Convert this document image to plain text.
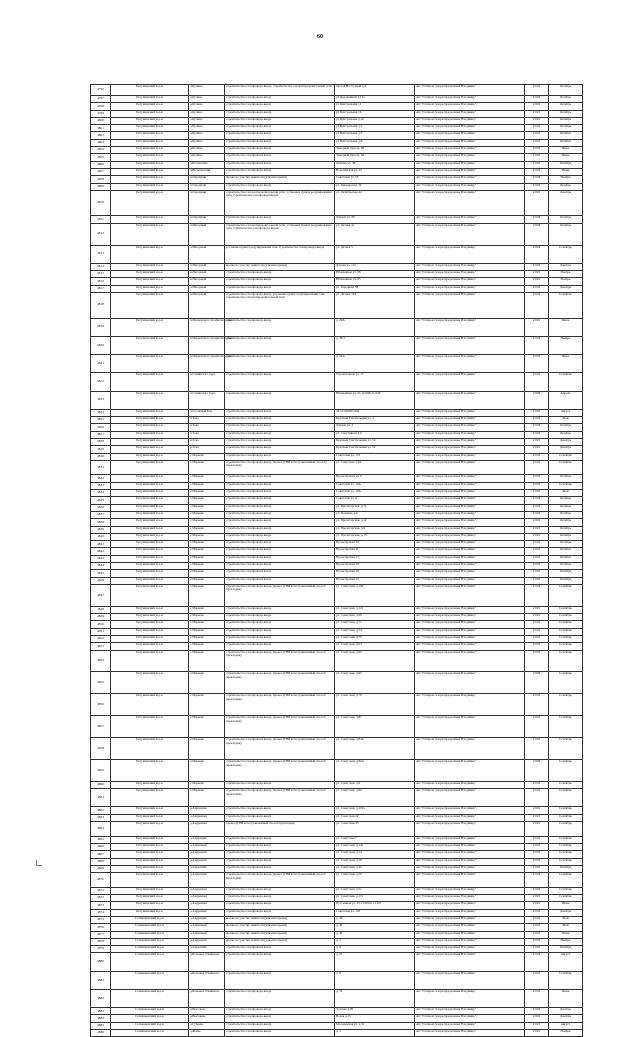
60
4796	Петушинский м.р-н	д.Кучино	строительство газопровода-ввода, строительство газораспределительной сети	проезд Восточный д.9	АО "Газпром газораспределение Владимир"	2 022	Октябрь
4797	Петушинский м.р-н	д.Кучино	строительство газопровода-ввода	ул.Дорожников д.11а	АО "Газпром газораспределение Владимир"	2 022	Октябрь
4798	Петушинский м.р-н	д.Кучино	строительство газопровода-ввода	ул.Центральная 11	АО "Газпром газораспределение Владимир"	2 022	Октябрь
4799	Петушинский м.р-н	д.Кучино	строительство газопровода-ввода	ул.Центральная 16	АО "Газпром газораспределение Владимир"	2 022	Октябрь
4800	Петушинский м.р-н	д.Кучино	строительство газопровода-ввода	ул.Центральная д.16	АО "Газпром газораспределение Владимир"	2 022	Октябрь
4801	Петушинский м.р-н	д.Кучино	строительство газопровода-ввода	ул.Центральная д.1	АО "Газпром газораспределение Владимир"	2 022	Октябрь
4802	Петушинский м.р-н	д.Кучино	строительство газопровода-ввода	ул.Центральная д.5	АО "Газпром газораспределение Владимир"	2 022	Октябрь
4803	Петушинский м.р-н	д.Кучино	строительство газопровода-ввода	ул.Центральная д.9	АО "Газпром газораспределение Владимир"	2 022	Октябрь
4804	Петушинский м.р-н	д.Кучино	строительство газопровода-ввода	Западный проезд, 48	АО "Газпром газораспределение Владимир"	2 022	Июнь
4805	Петушинский м.р-н	д.Кучино	строительство газопровода-ввода	Западный проезд, 48	АО "Газпром газораспределение Владимир"	2 022	Июнь
4806	Петушинский м.р-н	д.Богдановка	строительство газопровода-ввода	Зеленая ул. 48	АО "Газпром газораспределение Владимир"	2 022	Октябрь
4807	Петушинский м.р-н	д.Вольгинский	строительство газопровода-ввода	Вольгинская ул. 12	АО "Газпром газораспределение Владимир"	2 022	Июнь
4808	Петушинский м.р-н	п.Городищи	врезка на участке заявителя (уличная врезка)	Советская ул. 55	АО "Газпром газораспределение Владимир"	2 022	Ноябрь
4809	Петушинский м.р-н	п.Городищи	строительство газопровода-ввода	ул. Пионерская, 26	АО "Газпром газораспределение Владимир"	2 022	Октябрь
4810	Петушинский м.р-н	п.Городищи	строительство газораспределительной сети, установка пункта редуцирования газа, строительство газопровода-ввода	ул. Октябрьская 42	АО "Газпром газораспределение Владимир"	2 022	Декабрь
4811	Петушинский м.р-н	п.Городищи	строительство газопровода-ввода	Ленина ул. 80	АО "Газпром газораспределение Владимир"	2 022	Октябрь
4812	Петушинский м.р-н	п.Нагорный	строительство газораспределительной сети, установка пункта редуцирования газа, строительство газопровода-ввода	ул. Дачная 41	АО "Газпром газораспределение Владимир"	2 024	Октябрь
4813	Петушинский м.р-н	п.Нагорный	установка пункта редуцирования газа, строительство газопровода-ввода	ул. Дачная 5	АО "Газпром газораспределение Владимир"	2 024	Сентябрь
4814	Петушинский м.р-н	п.Нагорный	врезка на участке заявителя (уличная врезка)	Дачная ул. 115	АО "Газпром газораспределение Владимир"	2 024	Декабрь
4815	Петушинский м.р-н	п.Нагорный	строительство газопровода-ввода	Юбилейная ул. 38	АО "Газпром газораспределение Владимир"	2 022	Ноябрь
4816	Петушинский м.р-н	п.Нагорный	строительство газопровода-ввода	Юбилейная ул. 45	АО "Газпром газораспределение Владимир"	2 022	Ноябрь
4817	Петушинский м.р-н	п.Нагорный	строительство газопровода-ввода	ул. Городища 58	АО "Газпром газораспределение Владимир"	2 022	Декабрь
4818	Петушинский м.р-н	п.Нагорный	строительство газопровода-ввода, установка пункта редуцирования газа, строительство газораспределительной сети	ул. Дачная 104	АО "Газпром газораспределение Владимир"	2 024	Сентябрь
4819	Петушинский м.р-н	п.Покровского профилактория	строительство газопровода-ввода	д. 20А	АО "Газпром газораспределение Владимир"	2 022	Июнь
4820	Петушинский м.р-н	п.Покровского профилактория	строительство газопровода-ввода	д. 36/1	АО "Газпром газораспределение Владимир"	2 022	Ноябрь
4821	Петушинский м.р-н	п.Покровского профилактория	строительство газопровода-ввода	д. 24А	АО "Газпром газораспределение Владимир"	2 022	Июнь
4822	Петушинский м.р-н	п.Санинского бора	строительство газопровода-ввода	Строительная ул. 17	АО "Газпром газораспределение Владимир"	2 022	Сентябрь
4823	Петушинский м.р-н	п.Санинского бора	строительство газопровода-ввода	Юбилейная ул. 23 13:668111:534	АО "Газпром газораспределение Владимир"	2 022	Апрель
4824	Петушинский м.р-н	п.Сосновый Бор	строительство газопровода-ввода	33:13:060905:602	АО "Газпром газораспределение Владимир"	2 022	Август
4825	Петушинский м.р-н	п.Тека	строительство газопровода-ввода	Красный Текстильщик ул. 2	АО "Газпром газораспределение Владимир"	2 022	Май
4826	Петушинский м.р-н	п.Тека	строительство газопровода-ввода	Ленина ул. 2	АО "Газпром газораспределение Владимир"	2 022	Октябрь
4827	Петушинский м.р-н	п.Тека	строительство газопровода-ввода	ул. Спортивная д.9	АО "Газпром газораспределение Владимир"	2 022	Октябрь
4828	Петушинский м.р-н	п.Тека	строительство газопровода-ввода	Красный Текстильщик ул. 54	АО "Газпром газораспределение Владимир"	2 022	Декабрь
4829	Петушинский м.р-н	п.Тека	строительство газопровода-ввода	Красный Текстильщик ул. 52	АО "Газпром газораспределение Владимир"	2 022	Декабрь
4830	Петушинский м.р-н	с.Марково	строительство газопровода-ввода	Советская ул. 155	АО "Газпром газораспределение Владимир"	2 022	Сентябрь
4831	Петушинский м.р-н	с.Марково	строительство газопровода-ввода, прокол (ГНБ и бестраншейный способ) прокладки)	ул. Советская д.94	АО "Газпром газораспределение Владимир"	2 022	Сентябрь
4832	Петушинский м.р-н	с.Марково	строительство газопровода-ввода	Пролетарская ул. 9	АО "Газпром газораспределение Владимир"	2 022	Октябрь
4833	Петушинский м.р-н	с.Марково	строительство газопровода-ввода	Советская ул. 10А	АО "Газпром газораспределение Владимир"	2 022	Сентябрь
4834	Петушинский м.р-н	с.Марково	строительство газопровода-ввода	Советская ул. 10А	АО "Газпром газораспределение Владимир"	2 022	Май
4835	Петушинский м.р-н	с.Марково	строительство газопровода-ввода	Советская ул. 9	АО "Газпром газораспределение Владимир"	2 022	Октябрь
4836	Петушинский м.р-н	с.Марково	строительство газопровода-ввода	ул. Пролетарская, д.7а	АО "Газпром газораспределение Владимир"	2 022	Октябрь
4837	Петушинский м.р-н	с.Марково	строительство газопровода-ввода	ул. Полевая, д.4	АО "Газпром газораспределение Владимир"	2 022	Октябрь
4838	Петушинский м.р-н	с.Марково	строительство газопровода-ввода	ул. Пролетарская, д.12	АО "Газпром газораспределение Владимир"	2 022	Октябрь
4839	Петушинский м.р-н	с.Марково	строительство газопровода-ввода	ул. Пролетарская, д.9	АО "Газпром газораспределение Владимир"	2 022	Октябрь
4840	Петушинский м.р-н	с.Марково	строительство газопровода-ввода	ул. Пролетарская, д.15	АО "Газпром газораспределение Владимир"	2 022	Октябрь
4841	Петушинский м.р-н	с.Марково	строительство газопровода-ввода	Пролетарская 10	АО "Газпром газораспределение Владимир"	2 022	Октябрь
4842	Петушинский м.р-н	с.Марково	строительство газопровода-ввода	Пролетарская 11	АО "Газпром газораспределение Владимир"	2 022	Октябрь
4843	Петушинский м.р-н	с.Марково	строительство газопровода-ввода	Пролетарская 17	АО "Газпром газораспределение Владимир"	2 022	Октябрь
4844	Петушинский м.р-н	с.Марково	строительство газопровода-ввода	Пролетарская 19	АО "Газпром газораспределение Владимир"	2 022	Октябрь
4845	Петушинский м.р-н	с.Марково	строительство газопровода-ввода	Пролетарская 20	АО "Газпром газораспределение Владимир"	2 022	Октябрь
4846	Петушинский м.р-н	с.Марково	строительство газопровода-ввода	Пролетарская 12	АО "Газпром газораспределение Владимир"	2 022	Октябрь
4847	Петушинский м.р-н	с.Марково	строительство газопровода-ввода, прокол (ГНБ и бестраншейный способ прокладки)	ул. Советская, д.100	АО "Газпром газораспределение Владимир"	2 022	Сентябрь
4848	Петушинский м.р-н	с.Марково	строительство газопровода-ввода	ул. Советская, д.12а	АО "Газпром газораспределение Владимир"	2 022	Сентябрь
4849	Петушинский м.р-н	с.Марково	строительство газопровода-ввода	ул. Советская, д.69	АО "Газпром газораспределение Владимир"	2 022	Сентябрь
4850	Петушинский м.р-н	с.Марково	строительство газопровода-ввода	ул. Советская, д.71	АО "Газпром газораспределение Владимир"	2 022	Сентябрь
4851	Петушинский м.р-н	с.Марково	строительство газопровода-ввода	ул. Советская, д.73	АО "Газпром газораспределение Владимир"	2 022	Сентябрь
4852	Петушинский м.р-н	с.Марково	строительство газопровода-ввода	ул. Советская, д.75	АО "Газпром газораспределение Владимир"	2 022	Сентябрь
4853	Петушинский м.р-н	с.Марково	строительство газопровода-ввода	ул. Советская, д.63	АО "Газпром газораспределение Владимир"	2 022	Сентябрь
4854	Петушинский м.р-н	с.Марково	строительство газопровода-ввода, прокол (ГНБ и бестраншейный способ прокладки)	ул. Советская, д.92	АО "Газпром газораспределение Владимир"	2 022	Сентябрь
4855	Петушинский м.р-н	с.Марково	строительство газопровода-ввода, прокол (ГНБ и бестраншейный способ прокладки)	ул. Советская, д.65	АО "Газпром газораспределение Владимир"	2 022	Сентябрь
4856	Петушинский м.р-н	с.Марково	строительство газопровода-ввода, прокол (ГНБ и бестраншейный способ прокладки)	ул. Советская, д.78	АО "Газпром газораспределение Владимир"	2 022	Сентябрь
4857	Петушинский м.р-н	с.Марково	строительство газопровода-ввода, прокол (ГНБ и бестраншейный способ прокладки)	ул. Советская, д.81	АО "Газпром газораспределение Владимир"	2 022	Сентябрь
4858	Петушинский м.р-н	с.Марково	строительство газопровода-ввода, прокол (ГНБ и бестраншейный способ прокладки)	ул. Советская, д.84А	АО "Газпром газораспределение Владимир"	2 022	Сентябрь
4859	Петушинский м.р-н	с.Марково	строительство газопровода-ввода, прокол (ГНБ и бестраншейный способ прокладки)	ул. Советская, д.86А	АО "Газпром газораспределение Владимир"	2 022	Сентябрь
4860	Петушинский м.р-н	с.Марково	строительство газопровода-ввода	ул. Советская, д.9	АО "Газпром газораспределение Владимир"	2 022	Сентябрь
4861	Петушинский м.р-н	с.Марково	строительство газопровода-ввода, прокол (ГНБ и бестраншейный способ прокладки)	ул. Советская, д.92	АО "Газпром газораспределение Владимир"	2 022	Сентябрь
4862	Петушинский м.р-н	д.Андреевка	строительство газопровода-ввода	ул. Советская, д.119а	АО "Газпром газораспределение Владимир"	2 022	Сентябрь
4863	Петушинский м.р-н	д.Андреевка	строительство газопровода-ввода	ул. Советская 22	АО "Газпром газораспределение Владимир"	2 022	Сентябрь
4864	Петушинский м.р-н	д.Андреевка	прокол (ГНБ и бестраншейный способ прокладки)	ул. Советская 45	АО "Газпром газораспределение Владимир"	2 022	Сентябрь
4865	Петушинский м.р-н	д.Андреевка	строительство газопровода-ввода	ул. Советская 7	АО "Газпром газораспределение Владимир"	2 022	Сентябрь
4866	Петушинский м.р-н	д.Андреевка	строительство газопровода-ввода	ул. Советская, д.14е	АО "Газпром газораспределение Владимир"	2 022	Сентябрь
4867	Петушинский м.р-н	д.Андреевка	строительство газопровода-ввода	ул. Советская, д.24	АО "Газпром газораспределение Владимир"	2 022	Сентябрь
4868	Петушинский м.р-н	д.Андреевка	строительство газопровода-ввода	ул. Советская, д.28	АО "Газпром газораспределение Владимир"	2 022	Сентябрь
4869	Петушинский м.р-н	д.Андреевка	строительство газопровода-ввода	ул. Советская, д.36	АО "Газпром газораспределение Владимир"	2 022	Октябрь
4870	Петушинский м.р-н	д.Андреевка	строительство газопровода-ввода, прокол (ГНБ и бестраншейный способ прокладки)	ул. Советская, д.56	АО "Газпром газораспределение Владимир"	2 022	Сентябрь
4871	Петушинский м.р-н	д.Андреевка	строительство газопровода-ввода	ул. Советская, д.61	АО "Газпром газораспределение Владимир"	2 022	Сентябрь
4872	Петушинский м.р-н	д.Андреевка	строительство газопровода-ввода	ул. Советская, д.17а	АО "Газпром газораспределение Владимир"	2 022	Сентябрь
4873	Петушинский м.р-н	д.Андреевка	строительство газопровода-ввода	Пустынная ул. 33:13:000111:1103	АО "Газпром газораспределение Владимир"	2 022	Июнь
4874	Петушинский м.р-н	д.Андреевка	строительство газопровода-ввода	Советская ул. 120	АО "Газпром газораспределение Владимир"	2 022	Декабрь
4875	Селивановский м.р-н	д.Андреевка	врезка на участке заявителя (уличная врезка)	д. 49	АО "Газпром газораспределение Владимир"	2 022	Май
4876	Селивановский м.р-н	д.Андреевка	врезка на участке заявителя (уличная врезка)	д. 40	АО "Газпром газораспределение Владимир"	2 022	Май
4877	Селивановский м.р-н	д.Андреевка	врезка на участке заявителя (уличная врезка)	д. 40	АО "Газпром газораспределение Владимир"	2 022	Июнь
4878	Селивановский м.р-н	д.Андреевка	врезка на участке заявителя (уличная врезка)	д. 1	АО "Газпром газораспределение Владимир"	2 022	Ноябрь
4879	Селивановский м.р-н	д.Андреевка	строительство газопровода-ввода	д. 2	АО "Газпром газораспределение Владимир"	2 022	Октябрь
4880	Селивановский м.р-н	д.Большое Ульянково	строительство газопровода-ввода	д. 23	АО "Газпром газораспределение Владимир"	2 022	Август
4881	Селивановский м.р-н	д.Большое Ульянково	строительство газопровода-ввода	д. 6	АО "Газпром газораспределение Владимир"	2 022	Сентябрь
4882	Селивановский м.р-н	д.Большое Ульянково	строительство газопровода-ввода	д. 56	АО "Газпром газораспределение Владимир"	2 022	Июль
4883	Селивановский м.р-н	д.Высоково	строительство газопровода-ввода	Зеленая д.29	АО "Газпром газораспределение Владимир"	2 022	Декабрь
4884	Селивановский м.р-н	д.Высоково	строительство газопровода-ввода	Новая д.25	АО "Газпром газораспределение Владимир"	2 022	Декабрь
4885	Селивановский м.р-н	д.Губцево	строительство газопровода-ввода	Молодежная ул. д.31	АО "Газпром газораспределение Владимир"	2 022	Август
4886	Селивановский м.р-н	д.Жары	строительство газопровода-ввода	д. 1	АО "Газпром газораспределение Владимир"	2 022	Ноябрь
